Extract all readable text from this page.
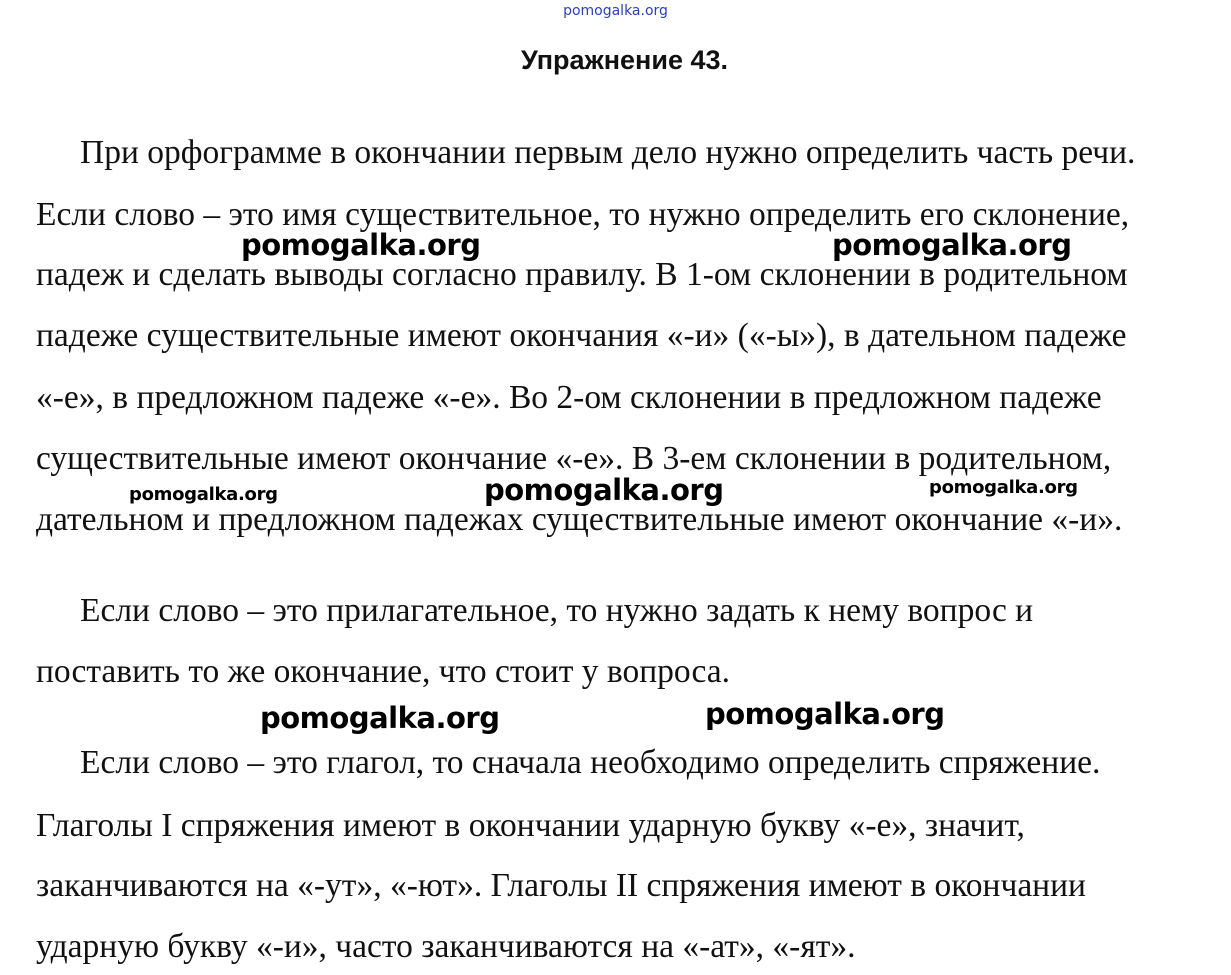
pomogalka.org
Упражнение 43.

При орфограмме в окончании первым дело нужно определить часть речи.

Если слово – это имя существительное, то нужно определить его склонение,

падеж и сделать выводы согласно правилу. В 1-ом склонении в родительном

падеже существительные имеют окончания «-и» («-ы»), в дательном падеже

«-е», в предложном падеже «-е». Во 2-ом склонении в предложном падеже

существительные имеют окончание «-е». В 3-ем склонении в родительном,

дательном и предложном падежах существительные имеют окончание «-и».

Если слово – это прилагательное, то нужно задать к нему вопрос и

поставить то же окончание, что стоит у вопроса.

Если слово – это глагол, то сначала необходимо определить спряжение.

Глаголы I спряжения имеют в окончании ударную букву «-е», значит,

заканчиваются на «-ут», «-ют». Глаголы II спряжения имеют в окончании

ударную букву «-и», часто заканчиваются на «-ат», «-ят».

pomogalka.org	pomogalka.org
pomogalka.org	pomogalka.org	pomogalka.org
pomogalka.org	pomogalka.org
